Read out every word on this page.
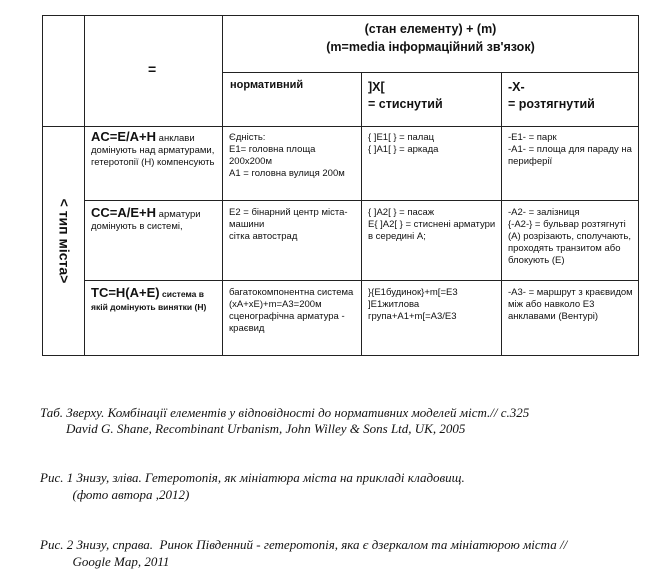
=
(стан елементу) + (m)
(m=media інформаційний зв'язок)
нормативний	]X[
= стиснутий
-X-
= розтягнутий
< тип міста>
AC=E/A+H анклави домінують над арматурами, гетеротопії (H) компенсують
Єдність:
E1= головна площа 200х200м
A1 = головна вулиця 200м
{ ]E1[ } = палац
{ ]A1[ } = аркада
-E1- = парк
-A1- = площа для параду на периферії
CC=A/E+H арматури домінують в системі,
E2 = бінарний центр міста-машини
сітка автострад
{ ]A2[ } = пасаж
E{ ]A2[ } = стиснені арматури в середині A;
-A2- = залізниця
{-A2-} = бульвар розтягнуті (A) розрізають, сполучають, проходять транзитом або блокують (E)
TC=H(A+E) система в якій домінують винятки (H)
багатокомпонентна система
(xA+xE)+m=A3=200м
сценографічна арматура - краєвид
}{E1будинок}+m[=E3
]E1житлова
група+A1+m[=A3/E3
-A3- = маршрут з краєвидом між або навколо E3 анклавами (Вентурі)
Таб. Зверху. Комбінації елементів у відповідності до нормативних моделей міст.// с.325
David G. Shane, Recombinant Urbanism, John Willey & Sons Ltd, UK, 2005
Рис. 1 Знизу, зліва. Гетеротопія, як мініатюра міста на прикладі кладовищ.
(фото автора ,2012)
Рис. 2 Знизу, справа.  Ринок Південний - гетеротопія, яка є дзеркалом та мініатюрою міста //
Google Map, 2011
